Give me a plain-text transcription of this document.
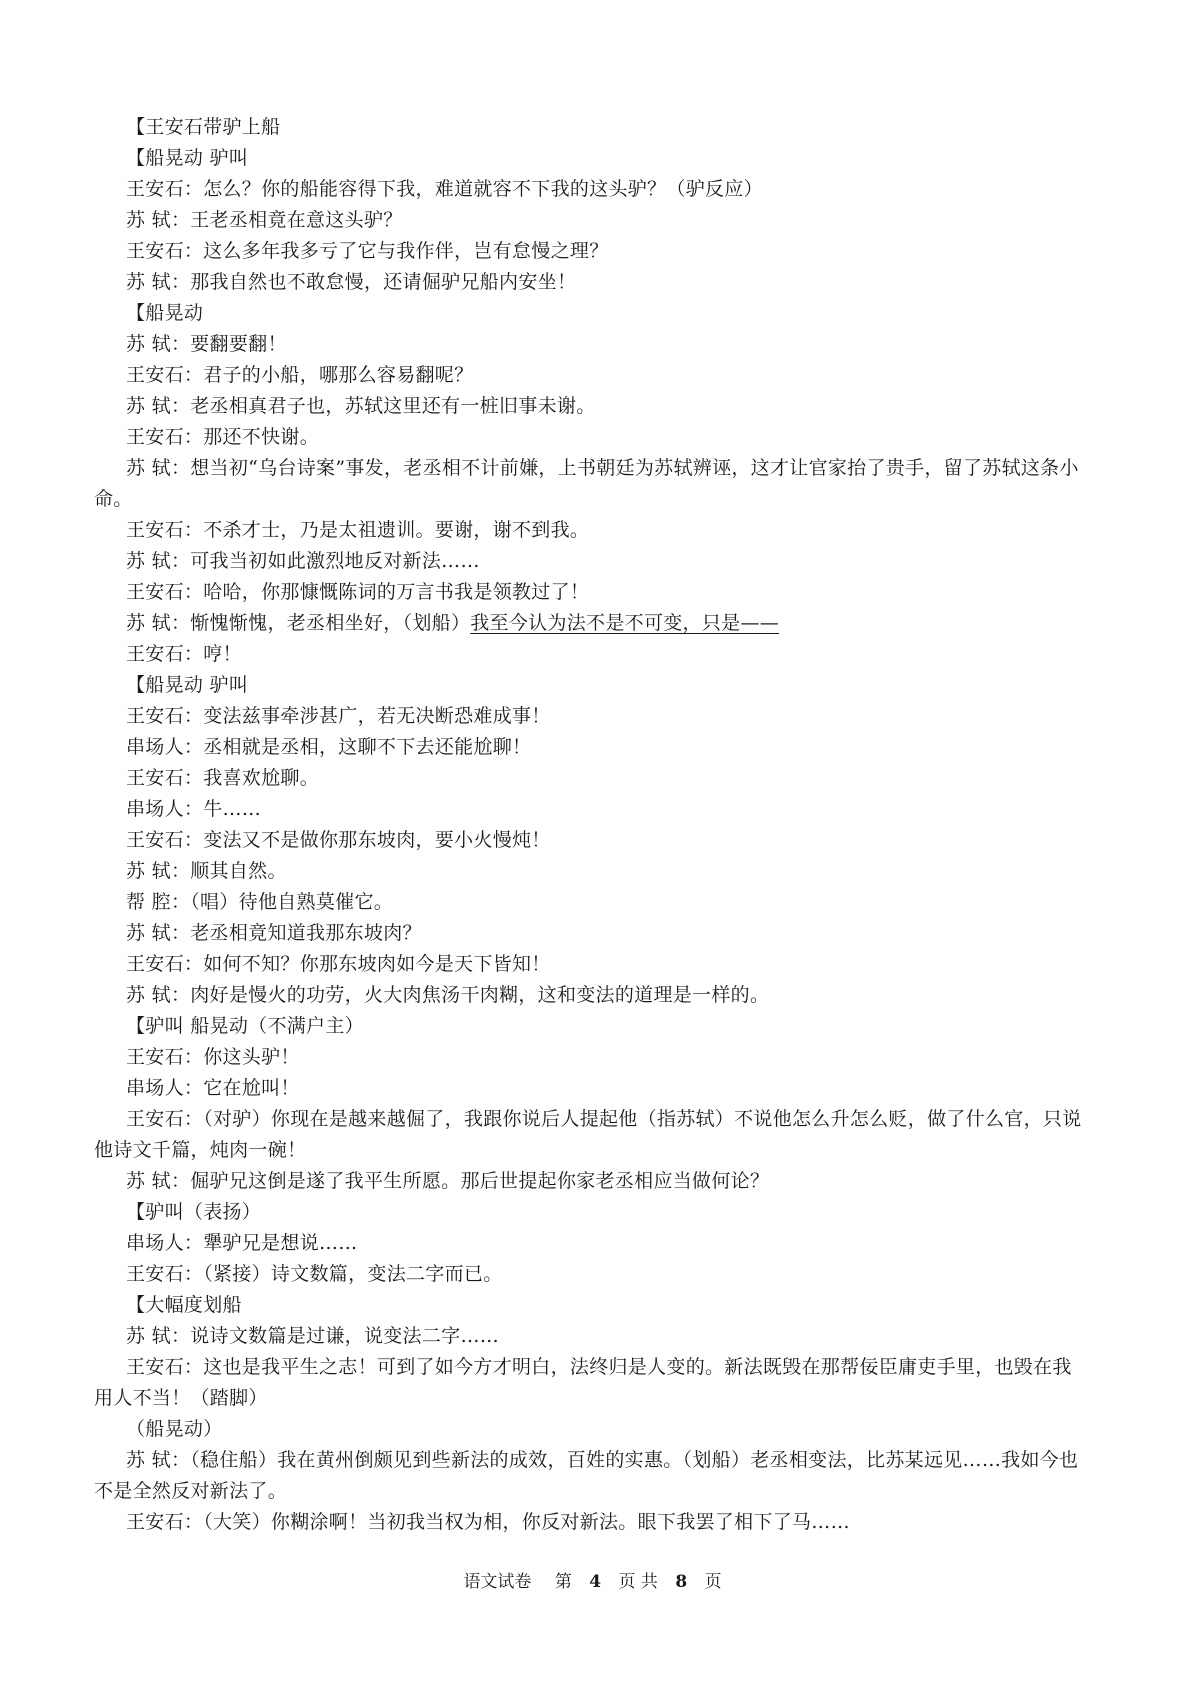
【王安石带驴上船
【船晃动 驴叫
王安石：怎么？你的船能容得下我，难道就容不下我的这头驴？（驴反应）
苏 轼：王老丞相竟在意这头驴？
王安石：这么多年我多亏了它与我作伴，岂有怠慢之理？
苏 轼：那我自然也不敢怠慢，还请倔驴兄船内安坐！
【船晃动
苏 轼：要翻要翻！
王安石：君子的小船，哪那么容易翻呢？
苏 轼：老丞相真君子也，苏轼这里还有一桩旧事未谢。
王安石：那还不快谢。
苏 轼：想当初“乌台诗案”事发，老丞相不计前嫌，上书朝廷为苏轼辨诬，这才让官家抬了贵手，留了苏轼这条小命。
王安石：不杀才士，乃是太祖遗训。要谢，谢不到我。
苏 轼：可我当初如此激烈地反对新法……
王安石：哈哈，你那慷慨陈词的万言书我是领教过了！
苏 轼：惭愧惭愧，老丞相坐好，（划船）我至今认为法不是不可变，只是——
王安石：哼！
【船晃动 驴叫
王安石：变法兹事牵涉甚广，若无决断恐难成事！
串场人：丞相就是丞相，这聊不下去还能尬聊！
王安石：我喜欢尬聊。
串场人：牛……
王安石：变法又不是做你那东坡肉，要小火慢炖！
苏 轼：顺其自然。
帮 腔：（唱）待他自熟莫催它。
苏 轼：老丞相竟知道我那东坡肉？
王安石：如何不知？你那东坡肉如今是天下皆知！
苏 轼：肉好是慢火的功劳，火大肉焦汤干肉糊，这和变法的道理是一样的。
【驴叫 船晃动（不满户主）
王安石：你这头驴！
串场人：它在尬叫！
王安石：（对驴）你现在是越来越倔了，我跟你说后人提起他（指苏轼）不说他怎么升怎么贬，做了什么官，只说他诗文千篇，炖肉一碗！
苏 轼：倔驴兄这倒是遂了我平生所愿。那后世提起你家老丞相应当做何论？
【驴叫（表扬）
串场人：犟驴兄是想说……
王安石：（紧接）诗文数篇，变法二字而已。
【大幅度划船
苏 轼：说诗文数篇是过谦，说变法二字……
王安石：这也是我平生之志！可到了如今方才明白，法终归是人变的。新法既毁在那帮佞臣庸吏手里，也毁在我用人不当！（踏脚）
（船晃动）
苏 轼：（稳住船）我在黄州倒颇见到些新法的成效，百姓的实惠。（划船）老丞相变法，比苏某远见……我如今也不是全然反对新法了。
王安石：（大笑）你糊涂啊！当初我当权为相，你反对新法。眼下我罢了相下了马……
语文试卷 第 4 页 共 8 页
